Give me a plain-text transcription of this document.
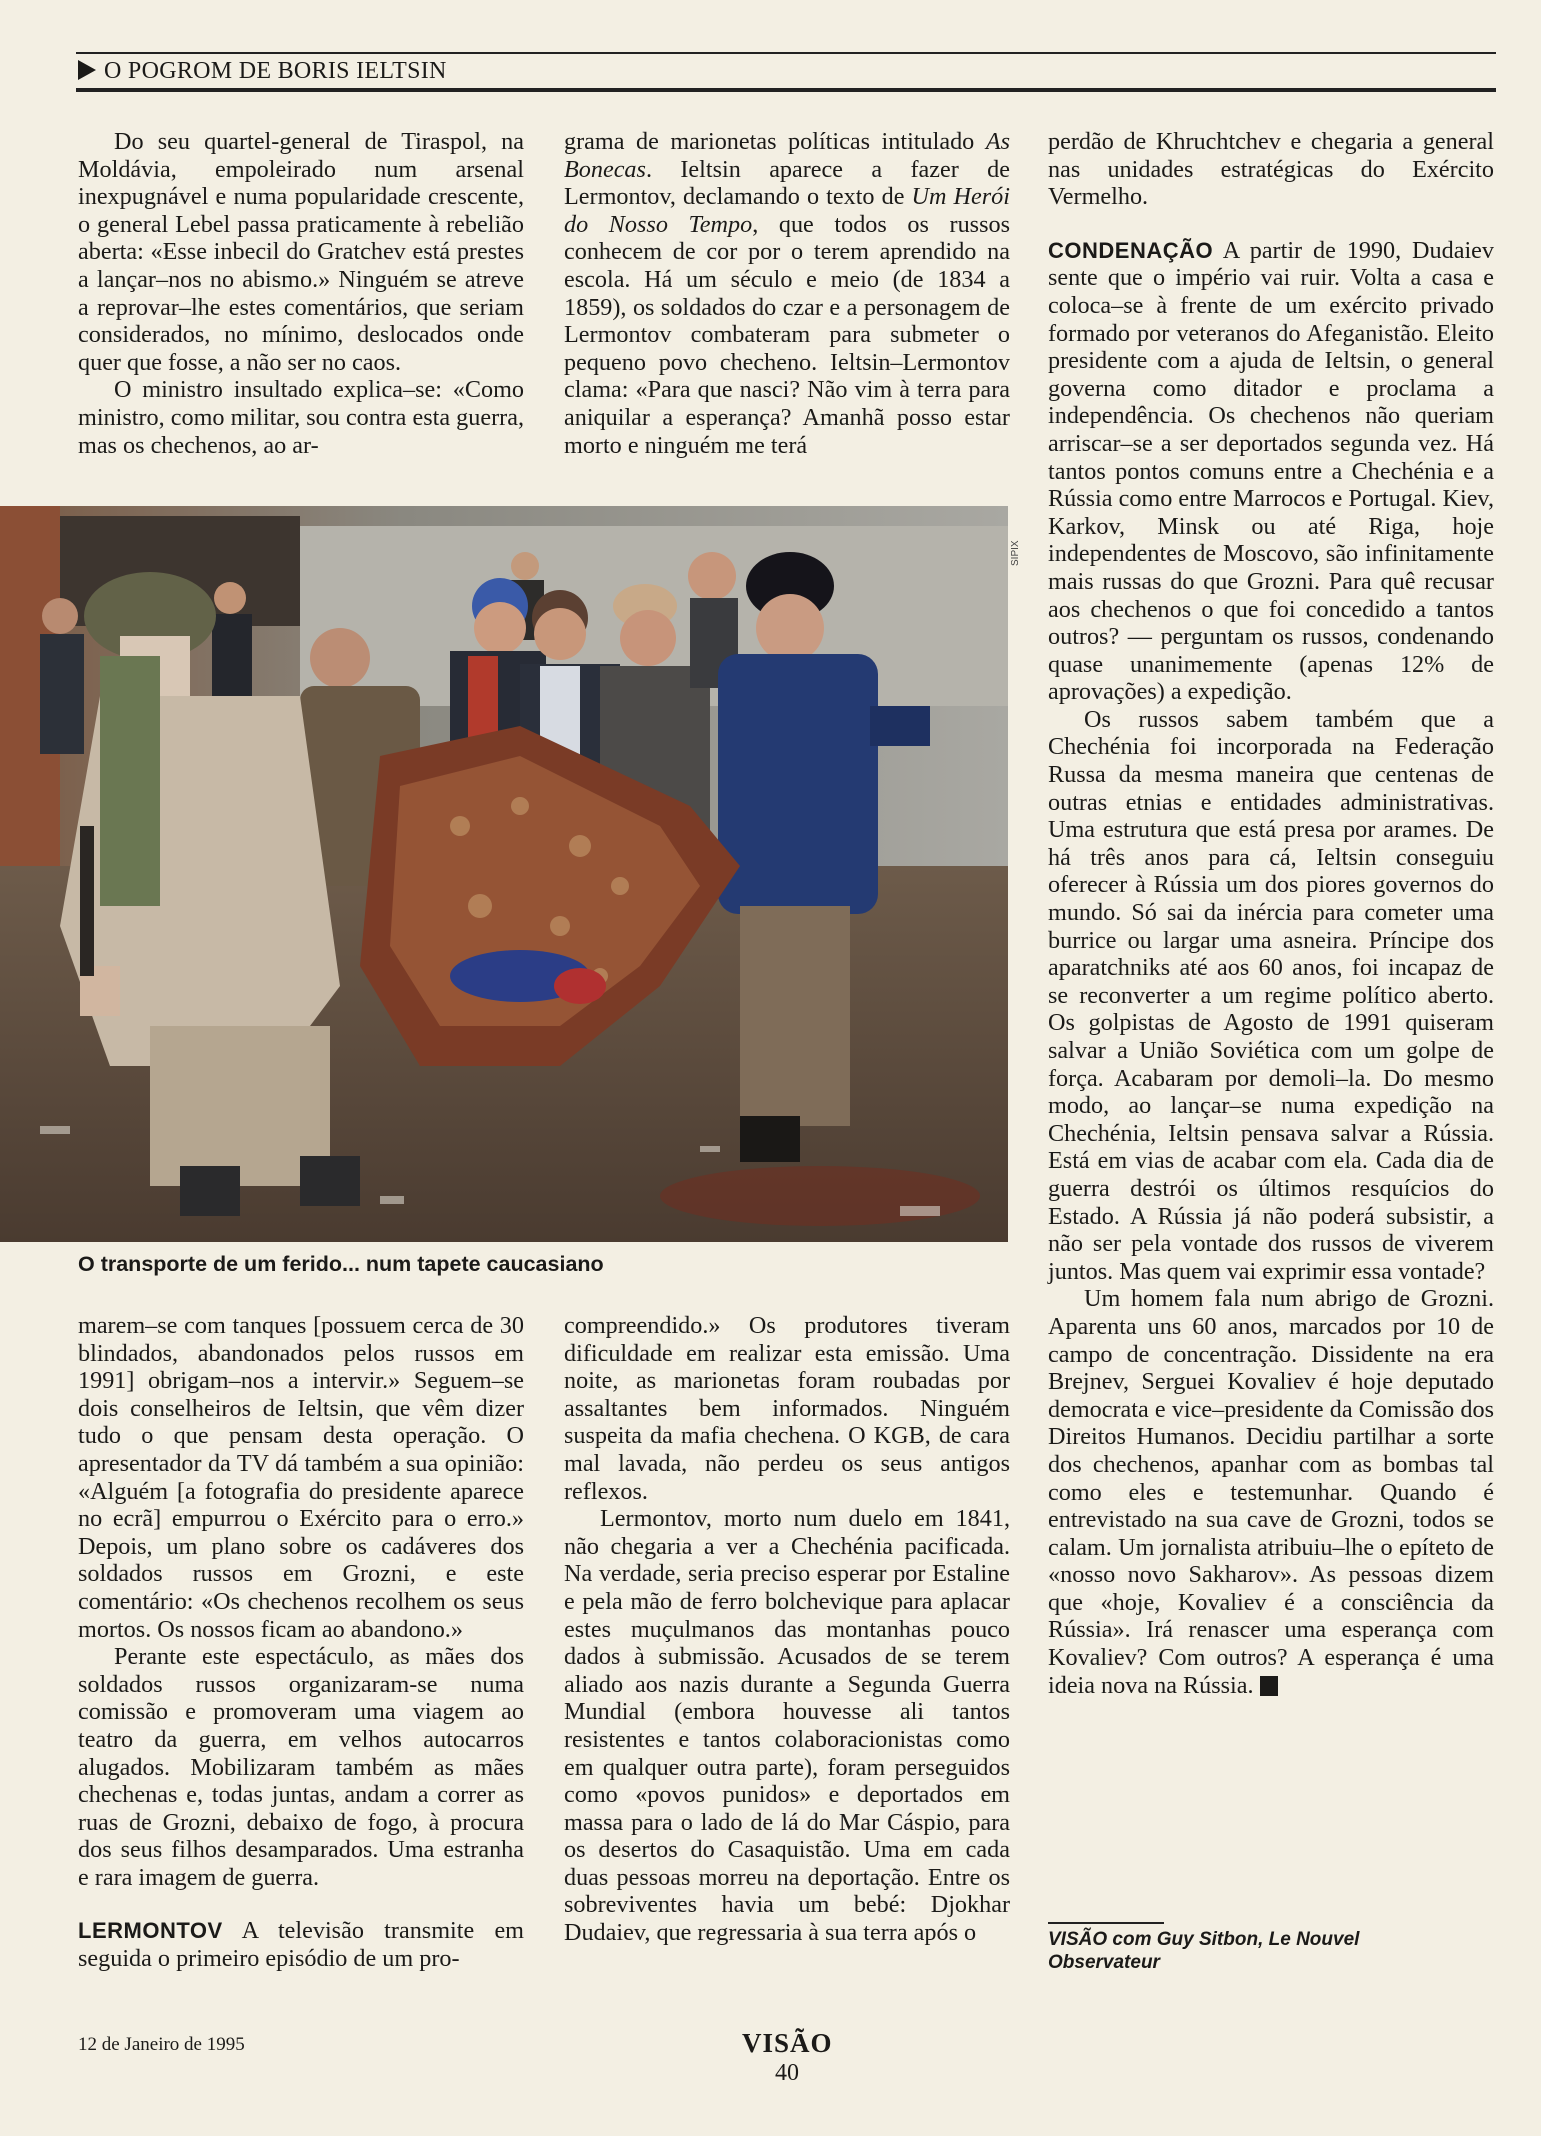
O POGROM DE BORIS IELTSIN

Do seu quartel-general de Tiraspol, na Moldávia, empoleirado num arsenal inexpugnável e numa popularidade crescente, o general Lebel passa praticamente à rebelião aberta: «Esse inbecil do Gratchev está prestes a lançar–nos no abismo.» Ninguém se atreve a reprovar–lhe estes comentários, que seriam considerados, no mínimo, deslocados onde quer que fosse, a não ser no caos.

O ministro insultado explica–se: «Como ministro, como militar, sou contra esta guerra, mas os chechenos, ao ar-

grama de marionetas políticas intitulado As Bonecas. Ieltsin aparece a fazer de Lermontov, declamando o texto de Um Herói do Nosso Tempo, que todos os russos conhecem de cor por o terem aprendido na escola. Há um século e meio (de 1834 a 1859), os soldados do czar e a personagem de Lermontov combateram para submeter o pequeno povo checheno. Ieltsin–Lermontov clama: «Para que nasci? Não vim à terra para aniquilar a esperança? Amanhã posso estar morto e ninguém me terá

SIPIX
O transporte de um ferido... num tapete caucasiano

marem–se com tanques [possuem cerca de 30 blindados, abandonados pelos russos em 1991] obrigam–nos a intervir.» Seguem–se dois conselheiros de Ieltsin, que vêm dizer tudo o que pensam desta operação. O apresentador da TV dá também a sua opinião: «Alguém [a fotografia do presidente aparece no ecrã] empurrou o Exército para o erro.» Depois, um plano sobre os cadáveres dos soldados russos em Grozni, e este comentário: «Os chechenos recolhem os seus mortos. Os nossos ficam ao abandono.»

Perante este espectáculo, as mães dos soldados russos organizaram-se numa comissão e promoveram uma viagem ao teatro da guerra, em velhos autocarros alugados. Mobilizaram também as mães chechenas e, todas juntas, andam a correr as ruas de Grozni, debaixo de fogo, à procura dos seus filhos desamparados. Uma estranha e rara imagem de guerra.

LERMONTOV A televisão transmite em seguida o primeiro episódio de um pro-

compreendido.» Os produtores tiveram dificuldade em realizar esta emissão. Uma noite, as marionetas foram roubadas por assaltantes bem informados. Ninguém suspeita da mafia chechena. O KGB, de cara mal lavada, não perdeu os seus antigos reflexos.

Lermontov, morto num duelo em 1841, não chegaria a ver a Chechénia pacificada. Na verdade, seria preciso esperar por Estaline e pela mão de ferro bolchevique para aplacar estes muçulmanos das montanhas pouco dados à submissão. Acusados de se terem aliado aos nazis durante a Segunda Guerra Mundial (embora houvesse ali tantos resistentes e tantos colaboracionistas como em qualquer outra parte), foram perseguidos como «povos punidos» e deportados em massa para o lado de lá do Mar Cáspio, para os desertos do Casaquistão. Uma em cada duas pessoas morreu na deportação. Entre os sobreviventes havia um bebé: Djokhar Dudaiev, que regressaria à sua terra após o

perdão de Khruchtchev e chegaria a general nas unidades estratégicas do Exército Vermelho.

CONDENAÇÃO A partir de 1990, Dudaiev sente que o império vai ruir. Volta a casa e coloca–se à frente de um exército privado formado por veteranos do Afeganistão. Eleito presidente com a ajuda de Ieltsin, o general governa como ditador e proclama a independência. Os chechenos não queriam arriscar–se a ser deportados segunda vez. Há tantos pontos comuns entre a Chechénia e a Rússia como entre Marrocos e Portugal. Kiev, Karkov, Minsk ou até Riga, hoje independentes de Moscovo, são infinitamente mais russas do que Grozni. Para quê recusar aos chechenos o que foi concedido a tantos outros? — perguntam os russos, condenando quase unanimemente (apenas 12% de aprovações) a expedição.

Os russos sabem também que a Chechénia foi incorporada na Federação Russa da mesma maneira que centenas de outras etnias e entidades administrativas. Uma estrutura que está presa por arames. De há três anos para cá, Ieltsin conseguiu oferecer à Rússia um dos piores governos do mundo. Só sai da inércia para cometer uma burrice ou largar uma asneira. Príncipe dos aparatchniks até aos 60 anos, foi incapaz de se reconverter a um regime político aberto. Os golpistas de Agosto de 1991 quiseram salvar a União Soviética com um golpe de força. Acabaram por demoli–la. Do mesmo modo, ao lançar–se numa expedição na Chechénia, Ieltsin pensava salvar a Rússia. Está em vias de acabar com ela. Cada dia de guerra destrói os últimos resquícios do Estado. A Rússia já não poderá subsistir, a não ser pela vontade dos russos de viverem juntos. Mas quem vai exprimir essa vontade?

Um homem fala num abrigo de Grozni. Aparenta uns 60 anos, marcados por 10 de campo de concentração. Dissidente na era Brejnev, Serguei Kovaliev é hoje deputado democrata e vice–presidente da Comissão dos Direitos Humanos. Decidiu partilhar a sorte dos chechenos, apanhar com as bombas tal como eles e testemunhar. Quando é entrevistado na sua cave de Grozni, todos se calam. Um jornalista atribuiu–lhe o epíteto de «nosso novo Sakharov». As pessoas dizem que «hoje, Kovaliev é a consciência da Rússia». Irá renascer uma esperança com Kovaliev? Com outros? A esperança é uma ideia nova na Rússia.

VISÃO com Guy Sitbon, Le Nouvel Observateur
12 de Janeiro de 1995	VISÃO
40
